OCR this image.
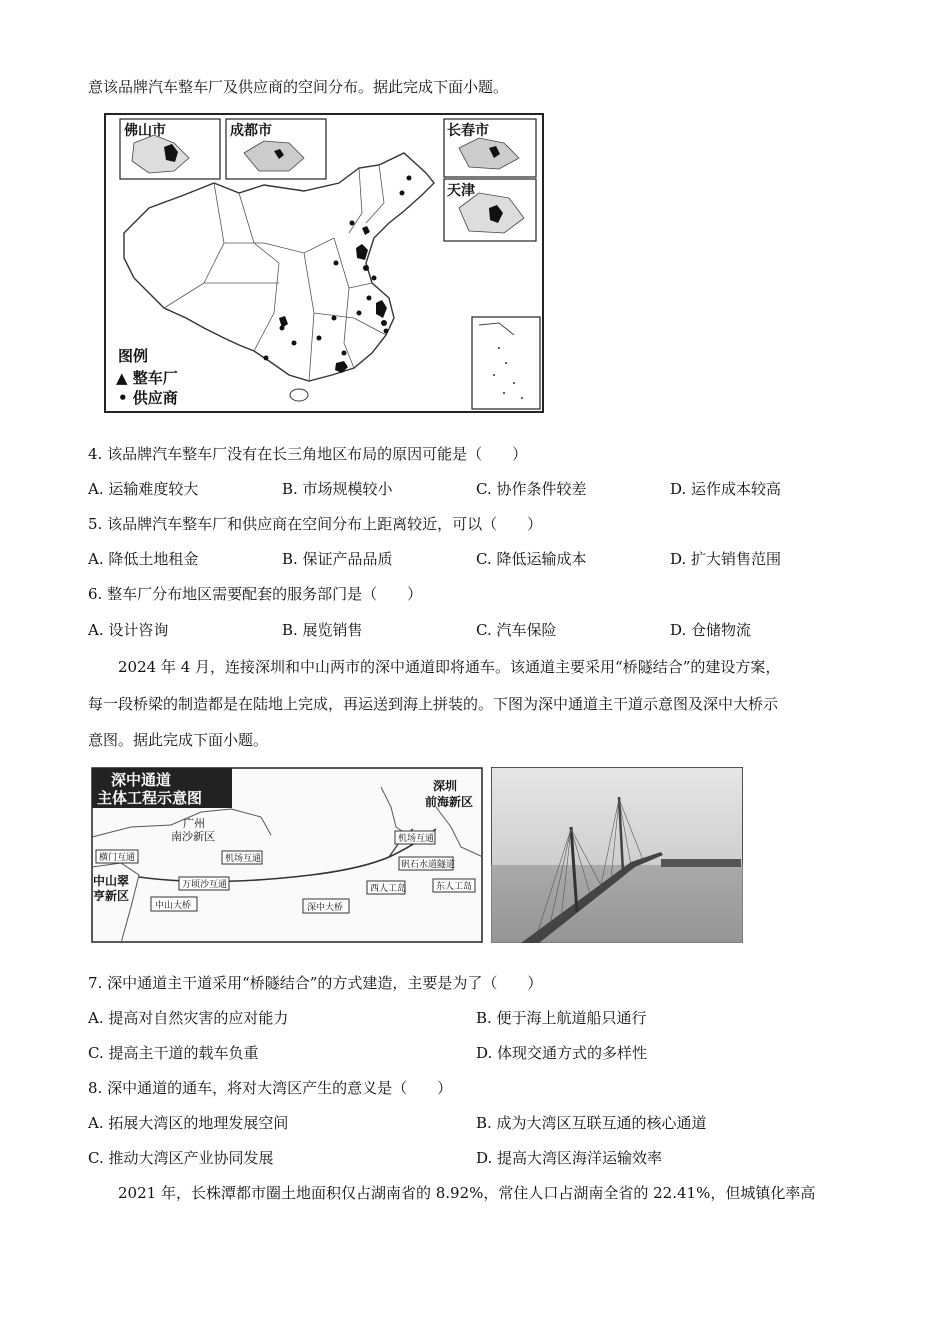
意该品牌汽车整车厂及供应商的空间分布。据此完成下面小题。
佛山市	成都市	长春市
天津
图例
▲ 整车厂
• 供应商
4. 该品牌汽车整车厂没有在长三角地区布局的原因可能是（　　）
A. 运输难度较大	B. 市场规模较小	C. 协作条件较差	D. 运作成本较高
5. 该品牌汽车整车厂和供应商在空间分布上距离较近，可以（　　）
A. 降低土地租金	B. 保证产品品质	C. 降低运输成本	D. 扩大销售范围
6. 整车厂分布地区需要配套的服务部门是（　　）
A. 设计咨询	B. 展览销售	C. 汽车保险	D. 仓储物流
2024 年 4 月，连接深圳和中山两市的深中通道即将通车。该通道主要采用“桥隧结合”的建设方案，
每一段桥梁的制造都是在陆地上完成，再运送到海上拼装的。下图为深中通道主干道示意图及深中大桥示
意图。据此完成下面小题。
深中通道
主体工程示意图
深圳
前海新区
广州
南沙新区
中山翠
亨新区
横门互通	机场互通
万顷沙互通
中山大桥	深中大桥
机场互通
矾石水道隧道
西人工岛	东人工岛
7. 深中通道主干道采用“桥隧结合”的方式建造，主要是为了（　　）
A. 提高对自然灾害的应对能力	B. 便于海上航道船只通行
C. 提高主干道的载车负重	D. 体现交通方式的多样性
8. 深中通道的通车，将对大湾区产生的意义是（　　）
A. 拓展大湾区的地理发展空间	B. 成为大湾区互联互通的核心通道
C. 推动大湾区产业协同发展	D. 提高大湾区海洋运输效率
2021 年，长株潭都市圈土地面积仅占湖南省的 8.92%，常住人口占湖南全省的 22.41%，但城镇化率高
